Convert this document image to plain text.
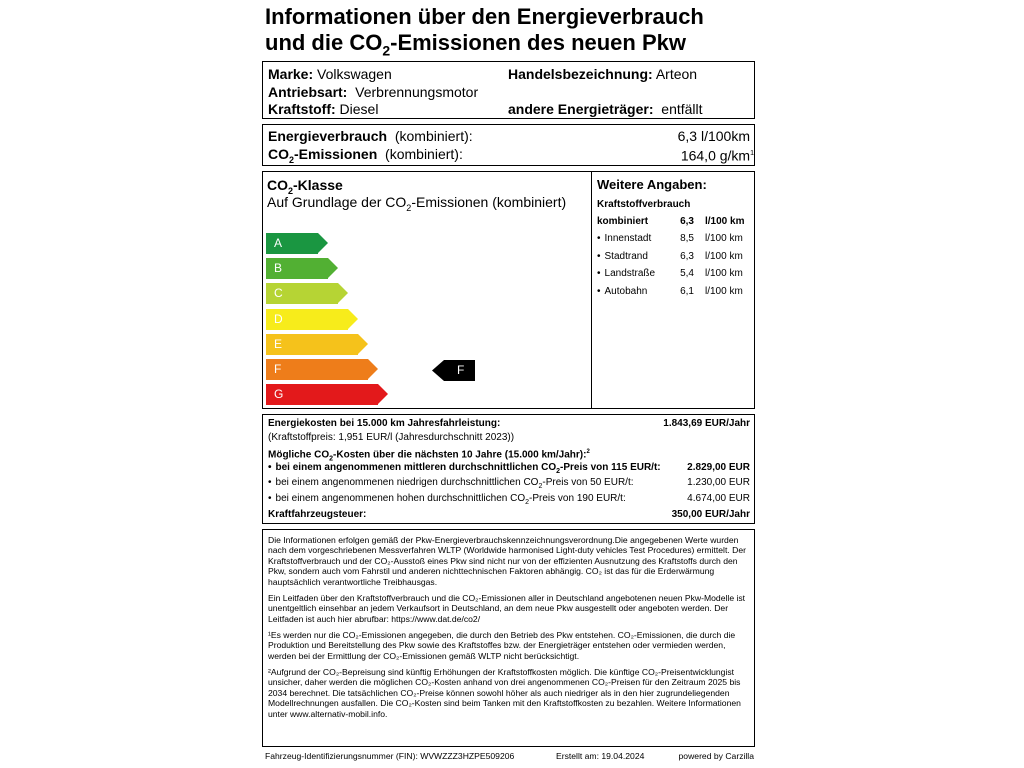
Informationen über den Energieverbrauch
und die $CO_2$-Emissionen des neuen Pkw
Marke: Volkswagen	Handelsbezeichnung: Arteon
Antriebsart: Verbrennungsmotor
Kraftstoff: Diesel	andere Energieträger: entfällt
Energieverbrauch (kombiniert):	6,3 l/100km
$CO_2$-Emissionen (kombiniert):	164,0 $g/km^1$
$CO_2$-Klasse
Auf Grundlage der $CO_2$-Emissionen (kombiniert)
A
B
C
D
E
F
G
F
Weitere Angaben:
Kraftstoffverbrauch
kombiniert	6,3 l/100 km
• Innenstadt	8,5 l/100 km
• Stadtrand	6,3 l/100 km
• Landstraße	5,4 l/100 km
• Autobahn	6,1 l/100 km
Energiekosten bei 15.000 km Jahresfahrleistung:	1.843,69 EUR/Jahr
(Kraftstoffpreis: 1,951 EUR/l (Jahresdurchschnitt 2023))
Mögliche $CO_2$-Kosten über die nächsten 10 Jahre (15.000 km/Jahr):$^2$
• bei einem angenommenen mittleren durchschnittlichen $CO_2$-Preis von 115 EUR/t:	2.829,00 EUR
• bei einem angenommenen niedrigen durchschnittlichen $CO_2$-Preis von 50 EUR/t:	1.230,00 EUR
• bei einem angenommenen hohen durchschnittlichen $CO_2$-Preis von 190 EUR/t:	4.674,00 EUR
Kraftfahrzeugsteuer:	350,00 EUR/Jahr
Die Informationen erfolgen gemäß der Pkw-Energieverbrauchskennzeichnungsverordnung.Die angegebenen Werte wurden nach dem vorgeschriebenen Messverfahren WLTP (Worldwide harmonised Light-duty vehicles Test Procedures) ermittelt. Der Kraftstoffverbrauch und der CO₂-Ausstoß eines Pkw sind nicht nur von der effizienten Ausnutzung des Kraftstoffs durch den Pkw, sondern auch vom Fahrstil und anderen nichttechnischen Faktoren abhängig. CO₂ ist das für die Erderwärmung hauptsächlich verantwortliche Treibhausgas.
Ein Leitfaden über den Kraftstoffverbrauch und die CO₂-Emissionen aller in Deutschland angebotenen neuen Pkw-Modelle ist unentgeltlich einsehbar an jedem Verkaufsort in Deutschland, an dem neue Pkw ausgestellt oder angeboten werden. Der Leitfaden ist auch hier abrufbar: https://www.dat.de/co2/
¹Es werden nur die CO₂-Emissionen angegeben, die durch den Betrieb des Pkw entstehen. CO₂-Emissionen, die durch die Produktion und Bereitstellung des Pkw sowie des Kraftstoffes bzw. der Energieträger entstehen oder vermieden werden, werden bei der Ermittlung der CO₂-Emissionen gemäß WLTP nicht berücksichtigt.
²Aufgrund der CO₂-Bepreisung sind künftig Erhöhungen der Kraftstoffkosten möglich. Die künftige CO₂-Preisentwicklungist unsicher, daher werden die möglichen CO₂-Kosten anhand von drei angenommenen CO₂-Preisen für den Zeitraum 2025 bis 2034 berechnet. Die tatsächlichen CO₂-Preise können sowohl höher als auch niedriger als in den hier zugrundeliegenden Modellrechnungen ausfallen. Die CO₂-Kosten sind beim Tanken mit den Kraftstoffkosten zu bezahlen. Weitere Informationen unter www.alternativ-mobil.info.
Fahrzeug-Identifizierungsnummer (FIN): WVWZZZ3HZPE509206	Erstellt am: 19.04.2024	powered by Carzilla
